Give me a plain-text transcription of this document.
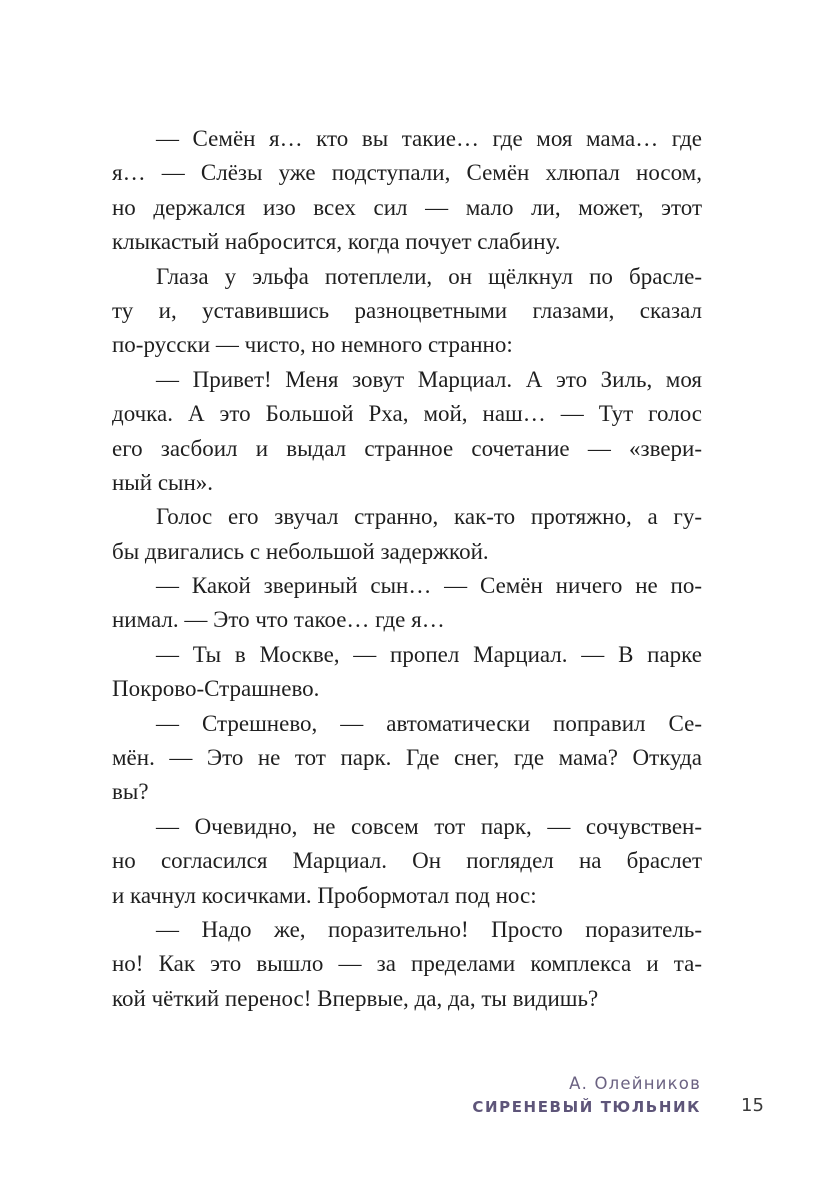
— Семён я… кто вы такие… где моя мама… где
я… — Слёзы уже подступали, Семён хлюпал носом,
но держался изо всех сил — мало ли, может, этот
клыкастый набросится, когда почует слабину.
Глаза у эльфа потеплели, он щёлкнул по брасле-
ту и, уставившись разноцветными глазами, сказал
по-русски — чисто, но немного странно:
— Привет! Меня зовут Марциал. А это Зиль, моя
дочка. А это Большой Рха, мой, наш… — Тут голос
его засбоил и выдал странное сочетание — «звери-
ный сын».
Голос его звучал странно, как-то протяжно, а гу-
бы двигались с небольшой задержкой.
— Какой звериный сын… — Семён ничего не по-
нимал. — Это что такое… где я…
— Ты в Москве, — пропел Марциал. — В парке
Покрово-Страшнево.
— Стрешнево, — автоматически поправил Се-
мён. — Это не тот парк. Где снег, где мама? Откуда
вы?
— Очевидно, не совсем тот парк, — сочувствен-
но согласился Марциал. Он поглядел на браслет
и качнул косичками. Пробормотал под нос:
— Надо же, поразительно! Просто поразитель-
но! Как это вышло — за пределами комплекса и та-
кой чёткий перенос! Впервые, да, да, ты видишь?
А. Олейников
СИРЕНЕВЫЙ ТЮЛЬНИК 15
